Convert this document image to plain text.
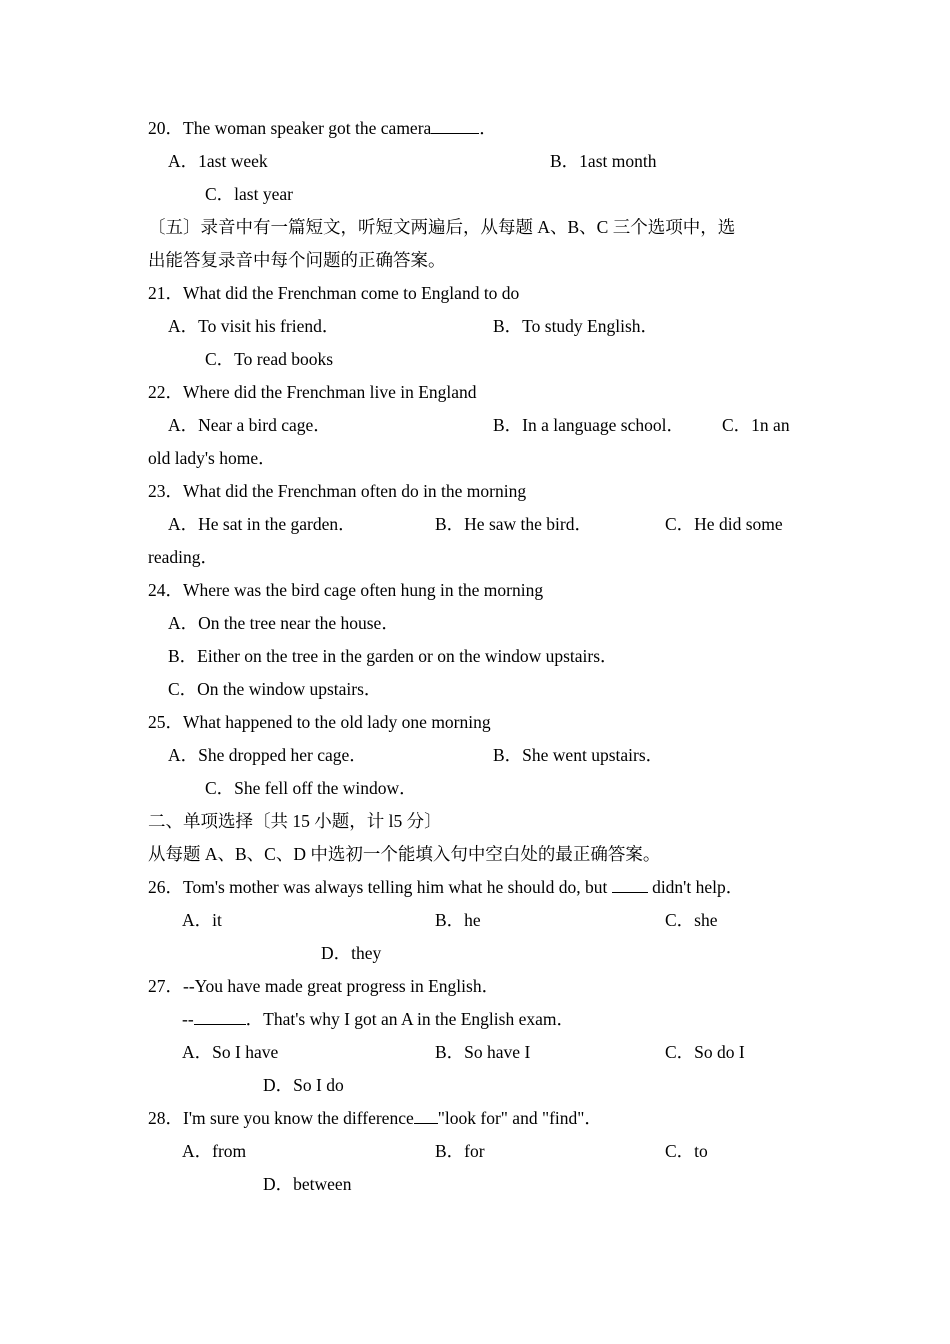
20．The woman speaker got the camera	．
A．1ast week	B．1ast month
C．last year
〔五〕录音中有一篇短文，听短文两遍后，从每题 A、B、C 三个选项中，选
出能答复录音中每个问题的正确答案。
21．What did the Frenchman come to England to do
A．To visit his friend．	B．To study English．
C．To read books
22．Where did the Frenchman live in England
A．Near a bird cage．	B．In a language school． C．1n an
old lady's home．
23．What did the Frenchman often do in the morning
A．He sat in the garden．	B．He saw the bird．	C．He did some
reading．
24．Where was the bird cage often hung in the morning
A．On the tree near the house．
B．Either on the tree in the garden or on the window upstairs．
C．On the window upstairs．
25．What happened to the old lady one morning
A．She dropped her cage．	B．She went upstairs．
C．She fell off the window．
二、单项选择〔共 15 小题，计 l5 分〕
从每题 A、B、C、D 中选初一个能填入句中空白处的最正确答案。
26．Tom's mother was always telling him what he should do, but  didn't help．
A．it	B．he	C．she
D．they
27．--You have made great progress in English．
--	．That's why I got an A in the English exam．
A．So I have	B．So have I	C．So do I
D．So I do
28．I'm sure you know the difference "look for" and "find"．
A．from	B．for	C．to
D．between
